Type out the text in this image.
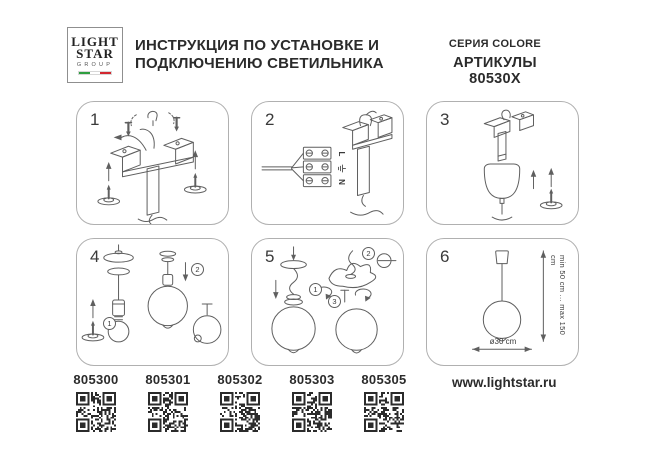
LIGHT
STAR
GROUP
ИНСТРУКЦИЯ ПО УСТАНОВКЕ И
ПОДКЛЮЧЕНИЮ СВЕТИЛЬНИКА
СЕРИЯ COLORE
АРТИКУЛЫ 80530X
1
L
N
2	3
1
2
4
1
2
3
5	min 50 cm ... max 150 cm
ø30 cm
6
805300	805301	805302	805303	805305	www.lightstar.ru
